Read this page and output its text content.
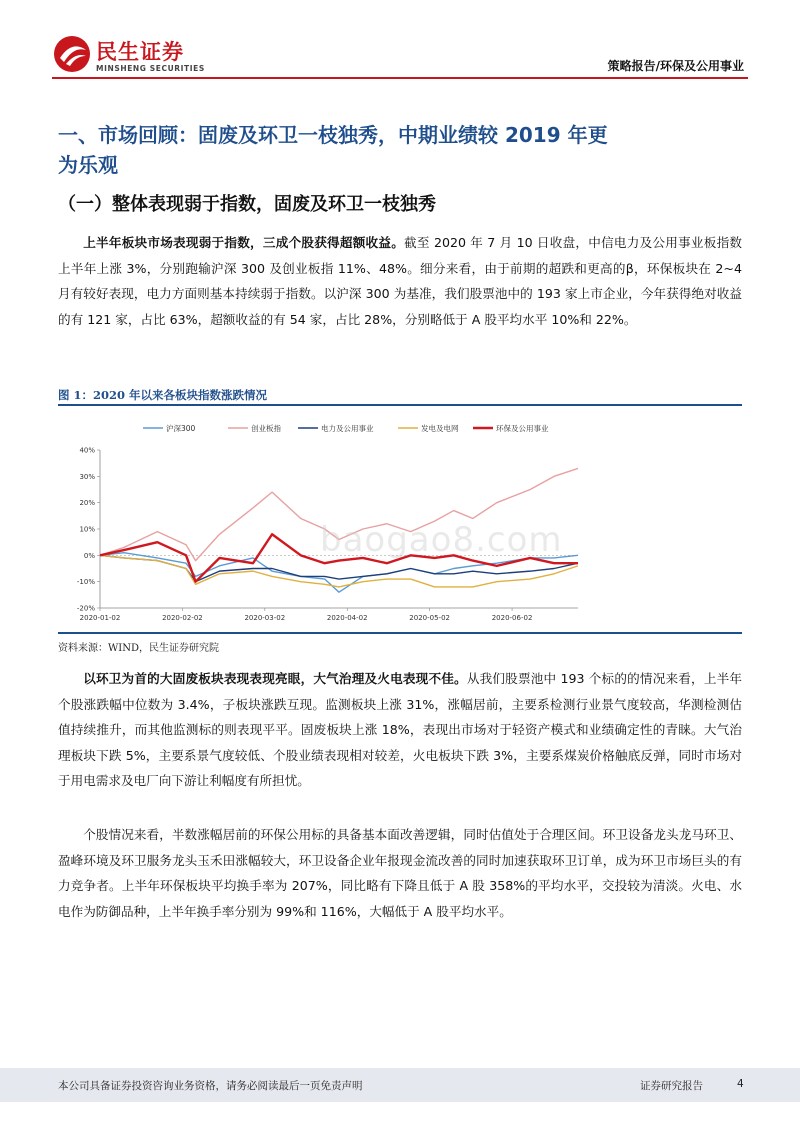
民生证券
MINSHENG SECURITIES	策略报告/环保及公用事业
一、市场回顾：固废及环卫一枝独秀，中期业绩较 2019 年更为乐观
（一）整体表现弱于指数，固废及环卫一枝独秀
上半年板块市场表现弱于指数，三成个股获得超额收益。截至 2020 年 7 月 10 日收盘，中信电力及公用事业板指数上半年上涨 3%，分别跑输沪深 300 及创业板指 11%、48%。细分来看，由于前期的超跌和更高的β，环保板块在 2~4 月有较好表现，电力方面则基本持续弱于指数。以沪深 300 为基准，我们股票池中的 193 家上市企业，今年获得绝对收益的有 121 家，占比 63%，超额收益的有 54 家，占比 28%，分别略低于 A 股平均水平 10%和 22%。
图 1：2020 年以来各板块指数涨跌情况
沪深300	创业板指	电力及公用事业	发电及电网	环保及公用事业
-20%
-10%
0%
10%
20%
30%
40%
2020-01-02	2020-02-02	2020-03-02	2020-04-02	2020-05-02	2020-06-02
资料来源：WIND，民生证券研究院
baogao8.com
以环卫为首的大固废板块表现表现亮眼，大气治理及火电表现不佳。从我们股票池中 193 个标的的情况来看，上半年个股涨跌幅中位数为 3.4%，子板块涨跌互现。监测板块上涨 31%，涨幅居前，主要系检测行业景气度较高，华测检测估值持续推升，而其他监测标的则表现平平。固废板块上涨 18%，表现出市场对于轻资产模式和业绩确定性的青睐。大气治理板块下跌 5%，主要系景气度较低、个股业绩表现相对较差，火电板块下跌 3%，主要系煤炭价格触底反弹，同时市场对于用电需求及电厂向下游让利幅度有所担忧。
个股情况来看，半数涨幅居前的环保公用标的具备基本面改善逻辑，同时估值处于合理区间。环卫设备龙头龙马环卫、盈峰环境及环卫服务龙头玉禾田涨幅较大，环卫设备企业年报现金流改善的同时加速获取环卫订单，成为环卫市场巨头的有力竞争者。上半年环保板块平均换手率为 207%，同比略有下降且低于 A 股 358%的平均水平，交投较为清淡。火电、水电作为防御品种，上半年换手率分别为 99%和 116%，大幅低于 A 股平均水平。
本公司具备证券投资咨询业务资格，请务必阅读最后一页免责声明	证券研究报告	4
